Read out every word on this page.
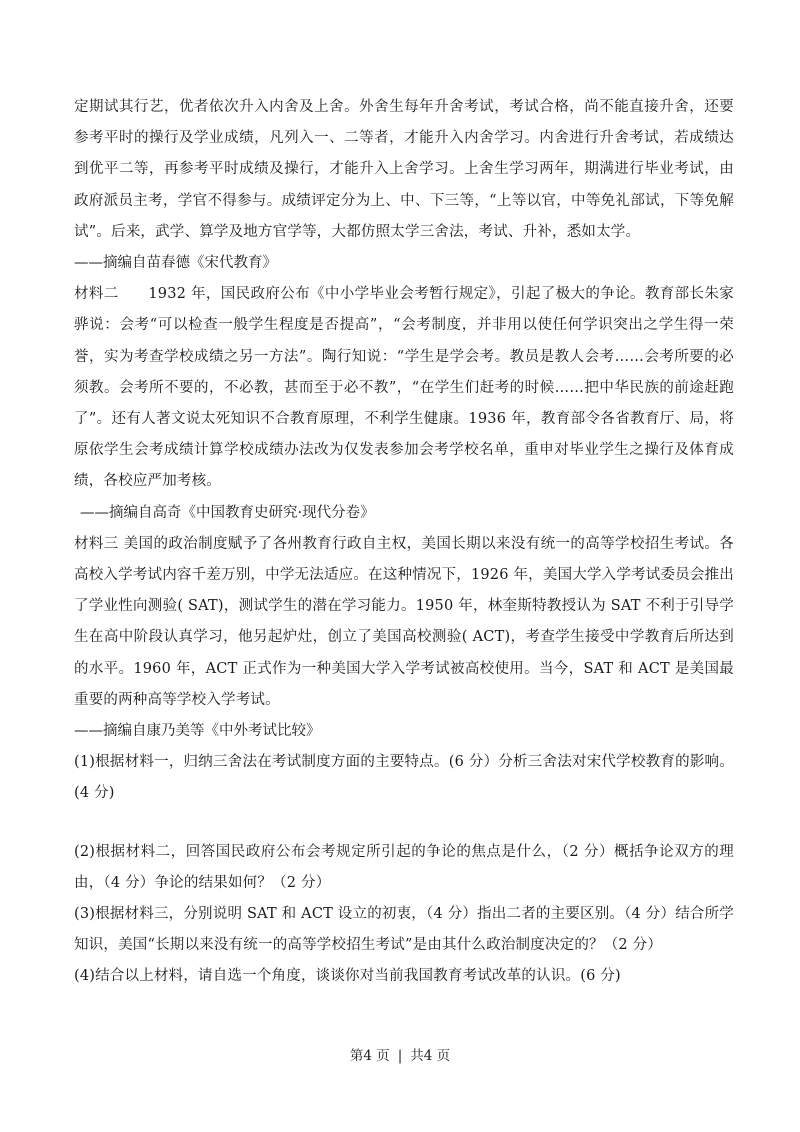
定期试其行艺，优者依次升入内舍及上舍。外舍生每年升舍考试，考试合格，尚不能直接升舍，还要参考平时的操行及学业成绩，凡列入一、二等者，才能升入内舍学习。内舍进行升舍考试，若成绩达到优平二等，再参考平时成绩及操行，才能升入上舍学习。上舍生学习两年，期满进行毕业考试，由政府派员主考，学官不得参与。成绩评定分为上、中、下三等，“上等以官，中等免礼部试，下等免解试”。后来，武学、算学及地方官学等，大都仿照太学三舍法，考试、升补，悉如太学。

——摘编自苗春德《宋代教育》

材料二　　1932 年，国民政府公布《中小学毕业会考暂行规定》，引起了极大的争论。教育部长朱家骅说：会考“可以检查一般学生程度是否提高”，“会考制度，并非用以使任何学识突出之学生得一荣誉，实为考查学校成绩之另一方法”。陶行知说：“学生是学会考。教员是教人会考……会考所要的必须教。会考所不要的，不必教，甚而至于必不教”，“在学生们赶考的时候……把中华民族的前途赶跑了”。还有人著文说太死知识不合教育原理，不利学生健康。1936 年，教育部令各省教育厅、局，将原依学生会考成绩计算学校成绩办法改为仅发表参加会考学校名单，重申对毕业学生之操行及体育成绩，各校应严加考核。

——摘编自高奇《中国教育史研究·现代分卷》

材料三 美国的政治制度赋予了各州教育行政自主权，美国长期以来没有统一的高等学校招生考试。各高校入学考试内容千差万别，中学无法适应。在这种情况下，1926 年，美国大学入学考试委员会推出了学业性向测验( SAT)，测试学生的潜在学习能力。1950 年，林奎斯特教授认为 SAT 不利于引导学生在高中阶段认真学习，他另起炉灶，创立了美国高校测验( ACT)，考查学生接受中学教育后所达到的水平。1960 年，ACT 正式作为一种美国大学入学考试被高校使用。当今，SAT 和 ACT 是美国最重要的两种高等学校入学考试。

——摘编自康乃美等《中外考试比较》

(1)根据材料一，归纳三舍法在考试制度方面的主要特点。(6 分）分析三舍法对宋代学校教育的影响。(4 分)

(2)根据材料二，回答国民政府公布会考规定所引起的争论的焦点是什么，（2 分）概括争论双方的理由，（4 分）争论的结果如何？（2 分）

(3)根据材料三，分别说明 SAT 和 ACT 设立的初衷，（4 分）指出二者的主要区别。（4 分）结合所学知识，美国“长期以来没有统一的高等学校招生考试”是由其什么政治制度决定的？（2 分）

(4)结合以上材料，请自选一个角度，谈谈你对当前我国教育考试改革的认识。(6 分)

第4 页 | 共4 页
